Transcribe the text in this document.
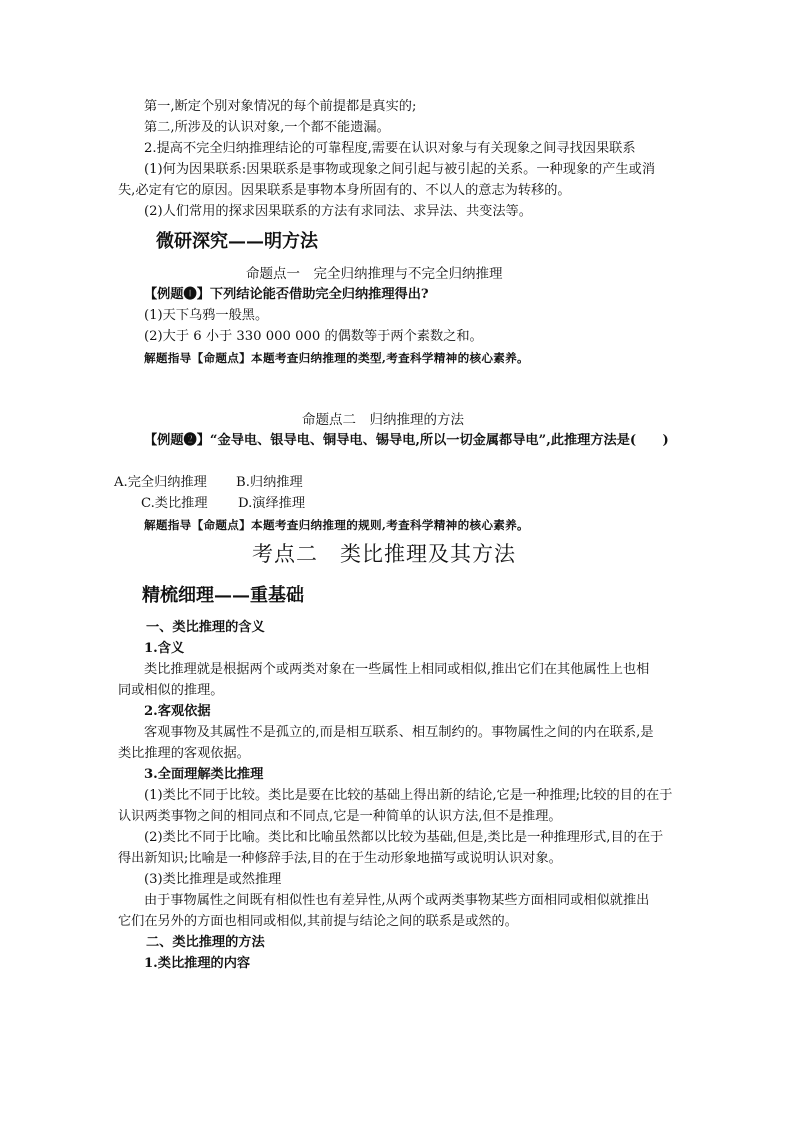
第一,断定个别对象情况的每个前提都是真实的;
第二,所涉及的认识对象,一个都不能遗漏。
2.提高不完全归纳推理结论的可靠程度,需要在认识对象与有关现象之间寻找因果联系
(1)何为因果联系:因果联系是事物或现象之间引起与被引起的关系。一种现象的产生或消
失,必定有它的原因。因果联系是事物本身所固有的、不以人的意志为转移的。
(2)人们常用的探求因果联系的方法有求同法、求异法、共变法等。
微研深究——明方法
命题点一　完全归纳推理与不完全归纳推理
【例题❶】下列结论能否借助完全归纳推理得出?
(1)天下乌鸦一般黑。
(2)大于 6 小于 330 000 000 的偶数等于两个素数之和。
解题指导【命题点】本题考查归纳推理的类型,考查科学精神的核心素养。
命题点二　归纳推理的方法
【例题❷】“金导电、银导电、铜导电、锡导电,所以一切金属都导电”,此推理方法是(　　)
A.完全归纳推理 B.归纳推理
C.类比推理 D.演绎推理
解题指导【命题点】本题考查归纳推理的规则,考查科学精神的核心素养。
考点二　类比推理及其方法
精梳细理——重基础
一、类比推理的含义
1.含义
类比推理就是根据两个或两类对象在一些属性上相同或相似,推出它们在其他属性上也相
同或相似的推理。
2.客观依据
客观事物及其属性不是孤立的,而是相互联系、相互制约的。事物属性之间的内在联系,是
类比推理的客观依据。
3.全面理解类比推理
(1)类比不同于比较。类比是要在比较的基础上得出新的结论,它是一种推理;比较的目的在于
认识两类事物之间的相同点和不同点,它是一种简单的认识方法,但不是推理。
(2)类比不同于比喻。类比和比喻虽然都以比较为基础,但是,类比是一种推理形式,目的在于
得出新知识;比喻是一种修辞手法,目的在于生动形象地描写或说明认识对象。
(3)类比推理是或然推理
由于事物属性之间既有相似性也有差异性,从两个或两类事物某些方面相同或相似就推出
它们在另外的方面也相同或相似,其前提与结论之间的联系是或然的。
二、类比推理的方法
1.类比推理的内容
